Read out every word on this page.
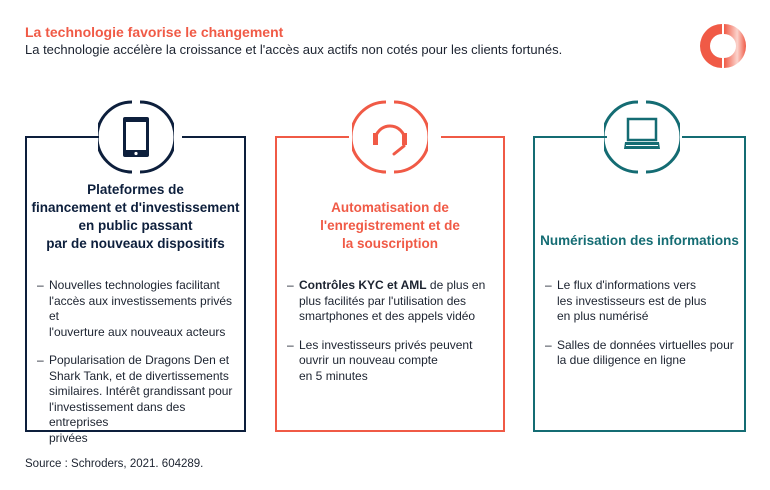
La technologie favorise le changement
La technologie accélère la croissance et l'accès aux actifs non cotés pour les clients fortunés.
Plateformes de
financement et d'investissement
en public passant
par de nouveaux dispositifs
– Nouvelles technologies facilitant
l'accès aux investissements privés et
l'ouverture aux nouveaux acteurs
– Popularisation de Dragons Den et
Shark Tank, et de divertissements
similaires. Intérêt grandissant pour
l'investissement dans des entreprises
privées
Automatisation de
l'enregistrement et de
la souscription
– Contrôles KYC et AML de plus en
plus facilités par l'utilisation des
smartphones et des appels vidéo
– Les investisseurs privés peuvent
ouvrir un nouveau compte
en 5 minutes
Numérisation des informations
– Le flux d'informations vers
les investisseurs est de plus
en plus numérisé
– Salles de données virtuelles pour
la due diligence en ligne
Source : Schroders, 2021. 604289.
